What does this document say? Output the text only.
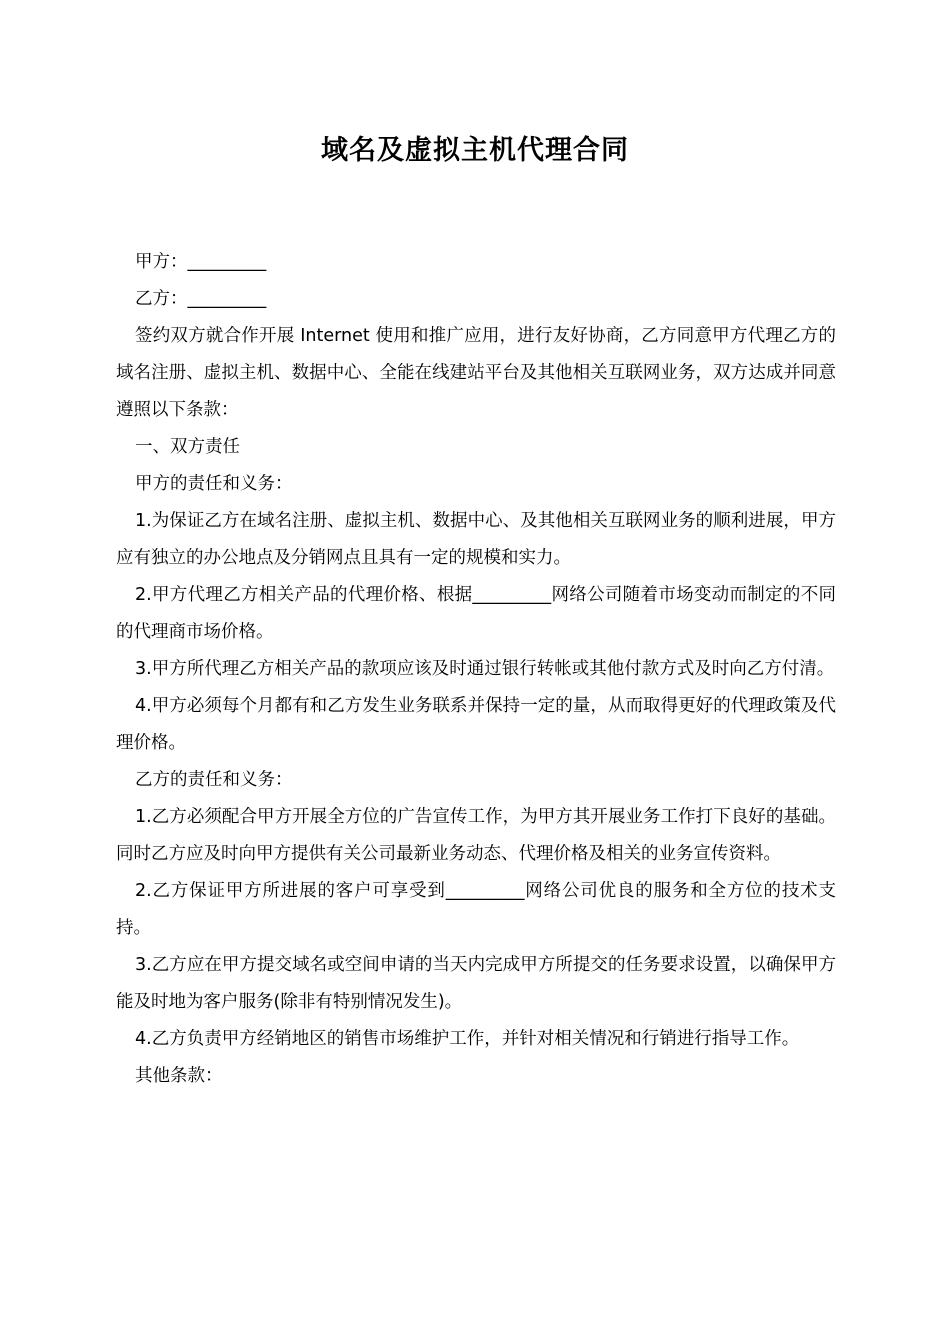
域名及虚拟主机代理合同

甲方：_________

乙方：_________

签约双方就合作开展 Internet 使用和推广应用，进行友好协商，乙方同意甲方代理乙方的域名注册、虚拟主机、数据中心、全能在线建站平台及其他相关互联网业务，双方达成并同意遵照以下条款：

一、双方责任

甲方的责任和义务：

1.为保证乙方在域名注册、虚拟主机、数据中心、及其他相关互联网业务的顺利进展，甲方应有独立的办公地点及分销网点且具有一定的规模和实力。

2.甲方代理乙方相关产品的代理价格、根据_________网络公司随着市场变动而制定的不同的代理商市场价格。

3.甲方所代理乙方相关产品的款项应该及时通过银行转帐或其他付款方式及时向乙方付清。

4.甲方必须每个月都有和乙方发生业务联系并保持一定的量，从而取得更好的代理政策及代理价格。

乙方的责任和义务：

1.乙方必须配合甲方开展全方位的广告宣传工作，为甲方其开展业务工作打下良好的基础。同时乙方应及时向甲方提供有关公司最新业务动态、代理价格及相关的业务宣传资料。

2.乙方保证甲方所进展的客户可享受到_________网络公司优良的服务和全方位的技术支持。

3.乙方应在甲方提交域名或空间申请的当天内完成甲方所提交的任务要求设置，以确保甲方能及时地为客户服务(除非有特别情况发生)。

4.乙方负责甲方经销地区的销售市场维护工作，并针对相关情况和行销进行指导工作。

其他条款：
